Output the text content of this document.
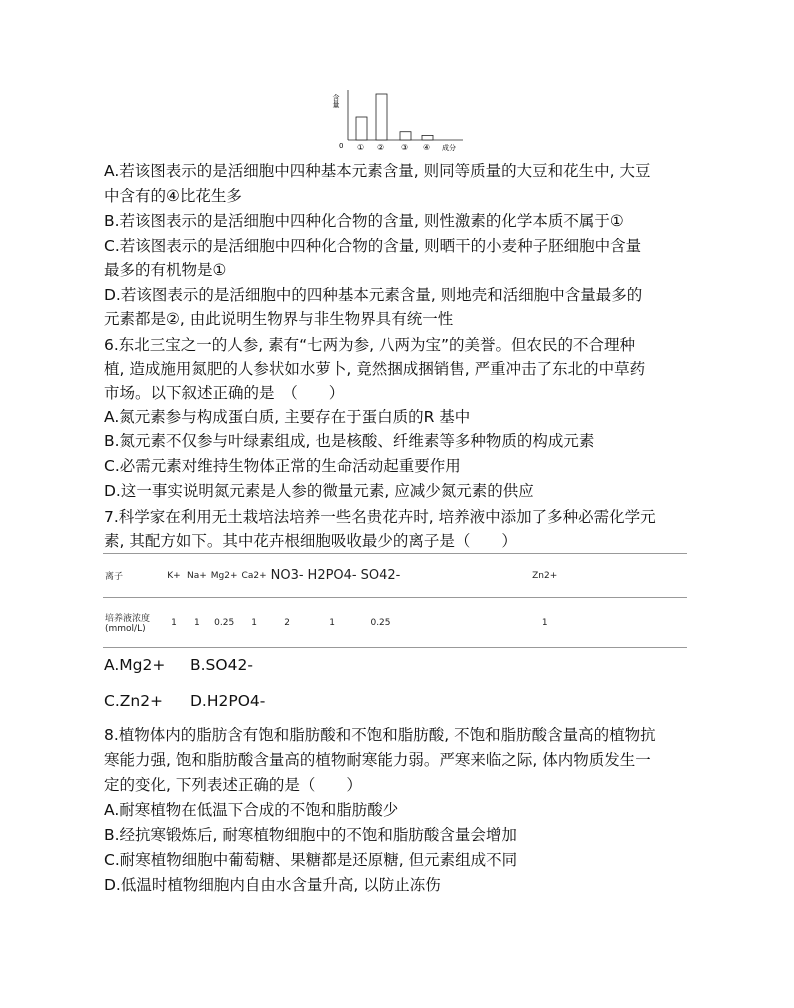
含量
0 ① ② ③ ④ 成分
A.若该图表示的是活细胞中四种基本元素含量, 则同等质量的大豆和花生中, 大豆
中含有的④比花生多
B.若该图表示的是活细胞中四种化合物的含量, 则性激素的化学本质不属于①
C.若该图表示的是活细胞中四种化合物的含量, 则晒干的小麦种子胚细胞中含量
最多的有机物是①
D.若该图表示的是活细胞中的四种基本元素含量, 则地壳和活细胞中含量最多的
元素都是②, 由此说明生物界与非生物界具有统一性
6.东北三宝之一的人参, 素有“七两为参, 八两为宝”的美誉。但农民的不合理种
植, 造成施用氮肥的人参状如水萝卜, 竟然捆成捆销售, 严重冲击了东北的中草药
市场。以下叙述正确的是　（　　）
A.氮元素参与构成蛋白质, 主要存在于蛋白质的R 基中
B.氮元素不仅参与叶绿素组成, 也是核酸、纤维素等多种物质的构成元素
C.必需元素对维持生物体正常的生命活动起重要作用
D.这一事实说明氮元素是人参的微量元素, 应减少氮元素的供应
7.科学家在利用无土栽培法培养一些名贵花卉时, 培养液中添加了多种必需化学元
素, 其配方如下。其中花卉根细胞吸收最少的离子是（　　）
离子	K+	Na+	Mg2+	Ca2+	NO3-	H2PO4-	SO42-	Zn2+
培养液浓度(mmol/L)	1	1	0.25	1	2	1	0.25	1
A.Mg2+ B.SO42-
C.Zn2+ D.H2PO4-
8.植物体内的脂肪含有饱和脂肪酸和不饱和脂肪酸, 不饱和脂肪酸含量高的植物抗
寒能力强, 饱和脂肪酸含量高的植物耐寒能力弱。严寒来临之际, 体内物质发生一
定的变化, 下列表述正确的是（　　）
A.耐寒植物在低温下合成的不饱和脂肪酸少
B.经抗寒锻炼后, 耐寒植物细胞中的不饱和脂肪酸含量会增加
C.耐寒植物细胞中葡萄糖、果糖都是还原糖, 但元素组成不同
D.低温时植物细胞内自由水含量升高, 以防止冻伤
